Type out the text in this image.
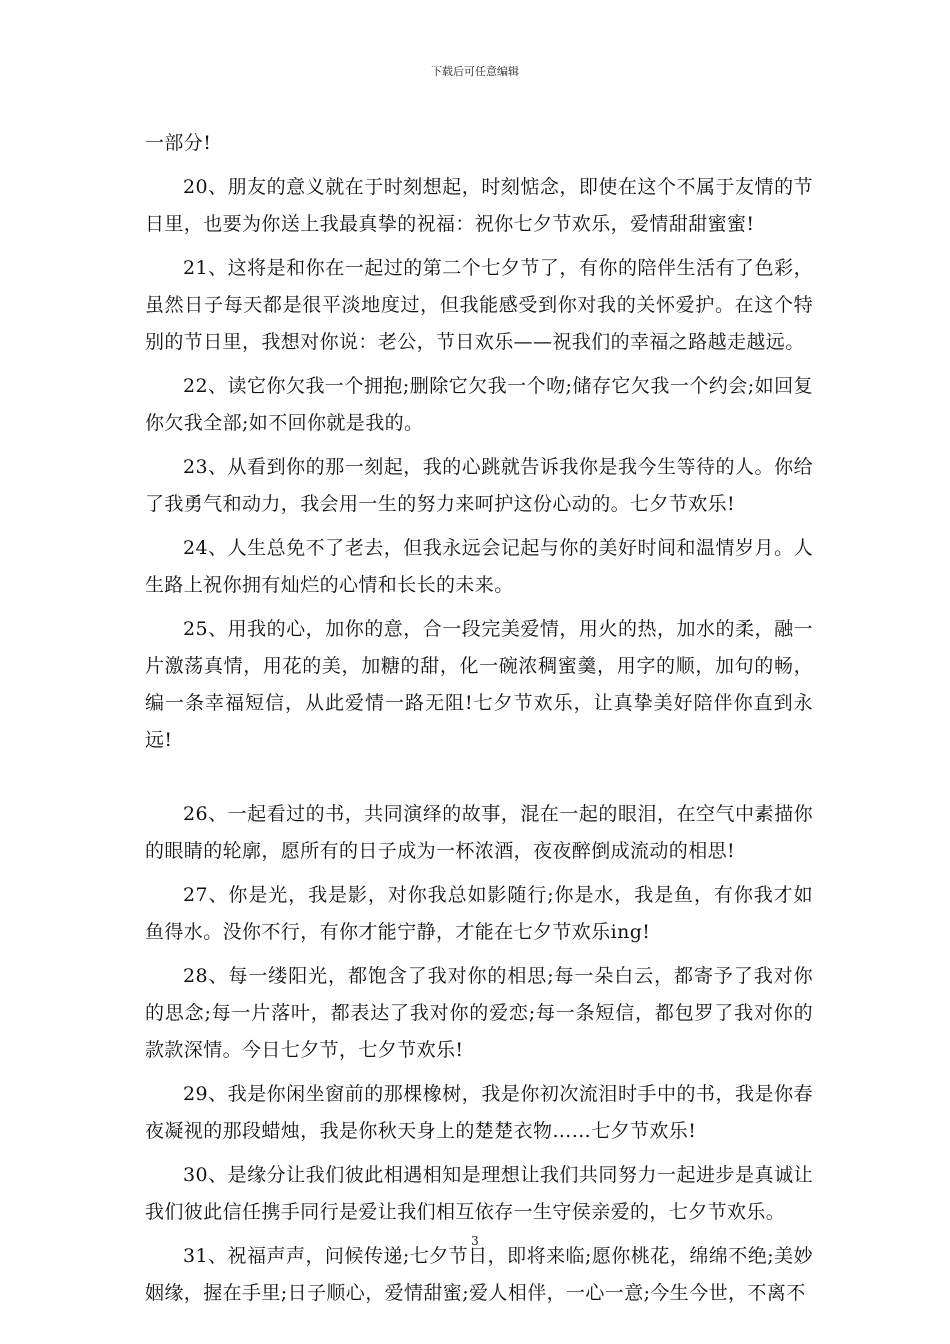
下载后可任意编辑

一部分!

20、朋友的意义就在于时刻想起，时刻惦念，即使在这个不属于友情的节日里，也要为你送上我最真挚的祝福：祝你七夕节欢乐，爱情甜甜蜜蜜!

21、这将是和你在一起过的第二个七夕节了，有你的陪伴生活有了色彩，虽然日子每天都是很平淡地度过，但我能感受到你对我的关怀爱护。在这个特别的节日里，我想对你说：老公，节日欢乐——祝我们的幸福之路越走越远。

22、读它你欠我一个拥抱;删除它欠我一个吻;储存它欠我一个约会;如回复你欠我全部;如不回你就是我的。

23、从看到你的那一刻起，我的心跳就告诉我你是我今生等待的人。你给了我勇气和动力，我会用一生的努力来呵护这份心动的。七夕节欢乐!

24、人生总免不了老去，但我永远会记起与你的美好时间和温情岁月。人生路上祝你拥有灿烂的心情和长长的未来。

25、用我的心，加你的意，合一段完美爱情，用火的热，加水的柔，融一片激荡真情，用花的美，加糖的甜，化一碗浓稠蜜羹，用字的顺，加句的畅，编一条幸福短信，从此爱情一路无阻!七夕节欢乐，让真挚美好陪伴你直到永远!

26、一起看过的书，共同演绎的故事，混在一起的眼泪，在空气中素描你的眼睛的轮廓，愿所有的日子成为一杯浓酒，夜夜醉倒成流动的相思!

27、你是光，我是影，对你我总如影随行;你是水，我是鱼，有你我才如鱼得水。没你不行，有你才能宁静，才能在七夕节欢乐ing!

28、每一缕阳光，都饱含了我对你的相思;每一朵白云，都寄予了我对你的思念;每一片落叶，都表达了我对你的爱恋;每一条短信，都包罗了我对你的款款深情。今日七夕节，七夕节欢乐!

29、我是你闲坐窗前的那棵橡树，我是你初次流泪时手中的书，我是你春夜凝视的那段蜡烛，我是你秋天身上的楚楚衣物……七夕节欢乐!

30、是缘分让我们彼此相遇相知是理想让我们共同努力一起进步是真诚让我们彼此信任携手同行是爱让我们相互依存一生守侯亲爱的，七夕节欢乐。

31、祝福声声，问候传递;七夕节日，即将来临;愿你桃花，绵绵不绝;美妙姻缘，握在手里;日子顺心，爱情甜蜜;爱人相伴，一心一意;今生今世，不离不

3
